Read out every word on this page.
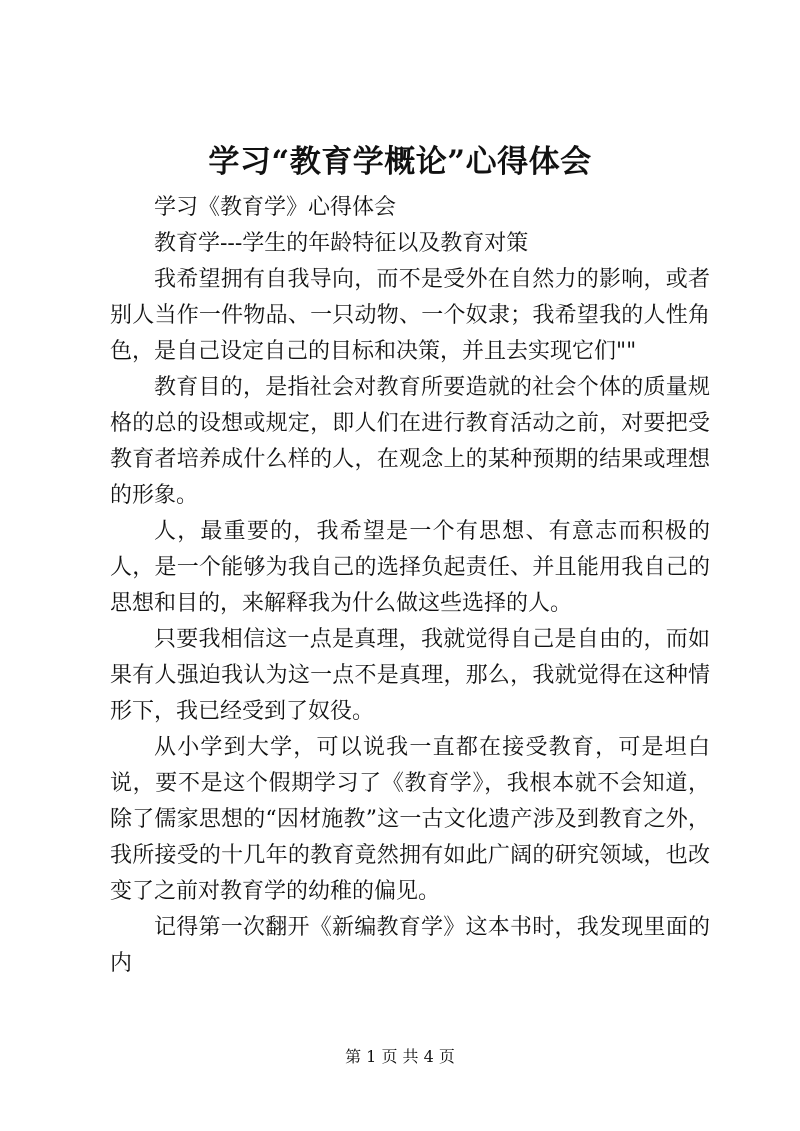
学习“教育学概论”心得体会

学习《教育学》心得体会

教育学---学生的年龄特征以及教育对策

我希望拥有自我导向，而不是受外在自然力的影响，或者别人当作一件物品、一只动物、一个奴隶；我希望我的人性角色，是自己设定自己的目标和决策，并且去实现它们""

教育目的，是指社会对教育所要造就的社会个体的质量规格的总的设想或规定，即人们在进行教育活动之前，对要把受教育者培养成什么样的人，在观念上的某种预期的结果或理想的形象。

人，最重要的，我希望是一个有思想、有意志而积极的人，是一个能够为我自己的选择负起责任、并且能用我自己的思想和目的，来解释我为什么做这些选择的人。

只要我相信这一点是真理，我就觉得自己是自由的，而如果有人强迫我认为这一点不是真理，那么，我就觉得在这种情形下，我已经受到了奴役。

从小学到大学，可以说我一直都在接受教育，可是坦白说，要不是这个假期学习了《教育学》，我根本就不会知道，除了儒家思想的“因材施教”这一古文化遗产涉及到教育之外，我所接受的十几年的教育竟然拥有如此广阔的研究领域，也改变了之前对教育学的幼稚的偏见。

记得第一次翻开《新编教育学》这本书时，我发现里面的内

第 1 页 共 4 页
